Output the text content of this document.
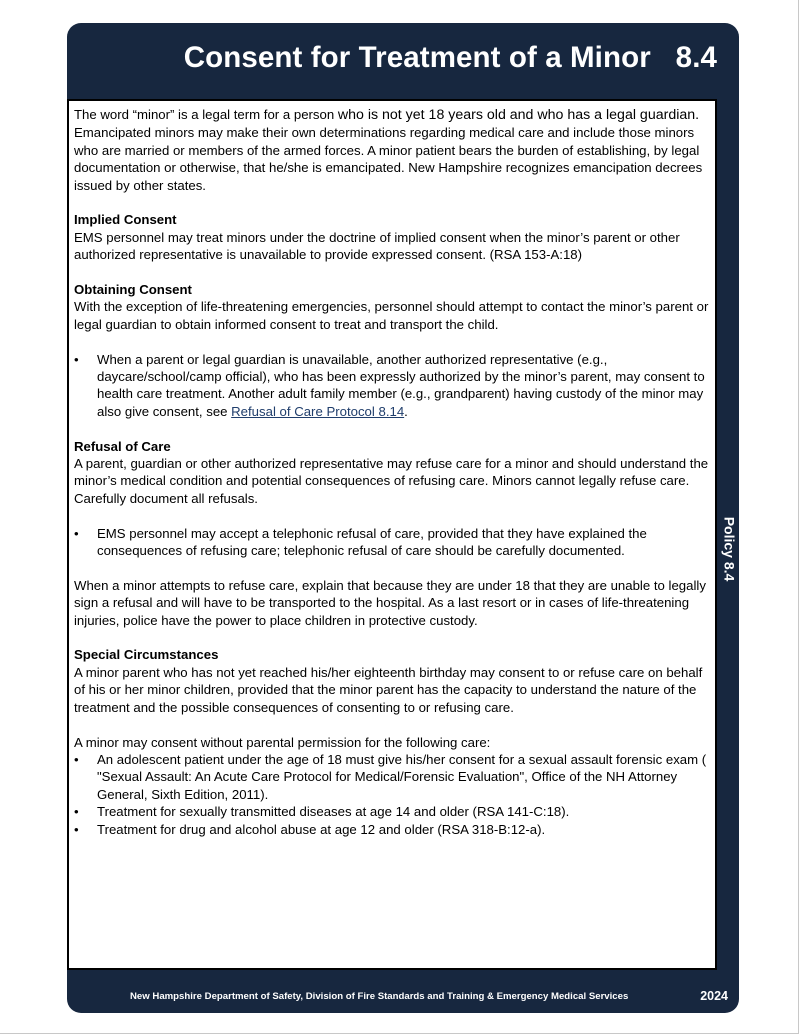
Consent for Treatment of a Minor   8.4

The word “minor” is a legal term for a person who is not yet 18 years old and who has a legal guardian. Emancipated minors may make their own determinations regarding medical care and include those minors who are married or members of the armed forces. A minor patient bears the burden of establishing, by legal documentation or otherwise, that he/she is emancipated. New Hampshire recognizes emancipation decrees issued by other states.

Implied Consent

EMS personnel may treat minors under the doctrine of implied consent when the minor’s parent or other authorized representative is unavailable to provide expressed consent. (RSA 153-A:18)

Obtaining Consent

With the exception of life-threatening emergencies, personnel should attempt to contact the minor’s parent or legal guardian to obtain informed consent to treat and transport the child.

• When a parent or legal guardian is unavailable, another authorized representative (e.g., daycare/school/camp official), who has been expressly authorized by the minor’s parent, may consent to health care treatment. Another adult family member (e.g., grandparent) having custody of the minor may also give consent, see Refusal of Care Protocol 8.14.

Refusal of Care

A parent, guardian or other authorized representative may refuse care for a minor and should understand the minor’s medical condition and potential consequences of refusing care. Minors cannot legally refuse care. Carefully document all refusals.

• EMS personnel may accept a telephonic refusal of care, provided that they have explained the consequences of refusing care; telephonic refusal of care should be carefully documented.

When a minor attempts to refuse care, explain that because they are under 18 that they are unable to legally sign a refusal and will have to be transported to the hospital. As a last resort or in cases of life-threatening injuries, police have the power to place children in protective custody.

Special Circumstances

A minor parent who has not yet reached his/her eighteenth birthday may consent to or refuse care on behalf of his or her minor children, provided that the minor parent has the capacity to understand the nature of the treatment and the possible consequences of consenting to or refusing care.

A minor may consent without parental permission for the following care:

• An adolescent patient under the age of 18 must give his/her consent for a sexual assault forensic exam ( "Sexual Assault: An Acute Care Protocol for Medical/Forensic Evaluation", Office of the NH Attorney General, Sixth Edition, 2011).
• Treatment for sexually transmitted diseases at age 14 and older (RSA 141-C:18).
• Treatment for drug and alcohol abuse at age 12 and older (RSA 318-B:12-a).
Policy 8.4
New Hampshire Department of Safety, Division of Fire Standards and Training & Emergency Medical Services	2024
